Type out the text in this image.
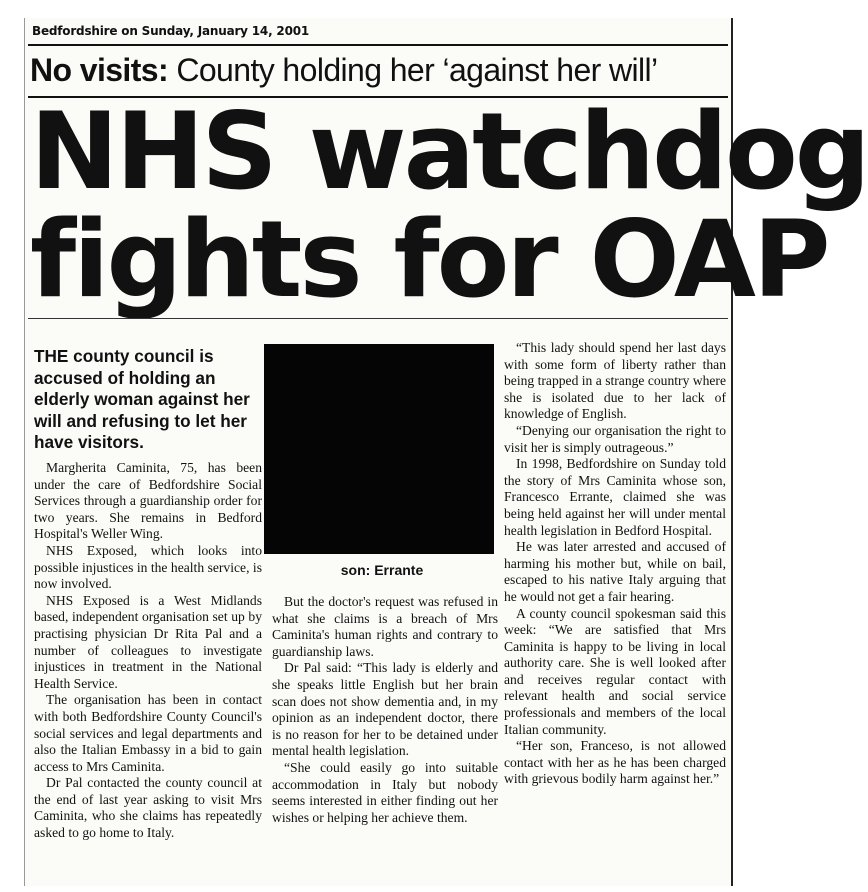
Bedfordshire on Sunday, January 14, 2001
No visits: County holding her ‘against her will’
NHS watchdog
fights for OAP
THE county council is accused of holding an elderly woman against her will and refusing to let her have visitors.

Margherita Caminita, 75, has been under the care of Bedfordshire Social Services through a guardianship order for two years. She remains in Bedford Hospital's Weller Wing.

NHS Exposed, which looks into possible injustices in the health service, is now involved.

NHS Exposed is a West Midlands based, independent organisation set up by practising physician Dr Rita Pal and a number of colleagues to investigate injustices in treatment in the National Health Service.

The organisation has been in contact with both Bedfordshire County Council's social services and legal departments and also the Italian Embassy in a bid to gain access to Mrs Caminita.

Dr Pal contacted the county council at the end of last year asking to visit Mrs Caminita, who she claims has repeatedly asked to go home to Italy.

son: Errante

But the doctor's request was refused in what she claims is a breach of Mrs Caminita's human rights and contrary to guardianship laws.

Dr Pal said: “This lady is elderly and she speaks little English but her brain scan does not show dementia and, in my opinion as an independent doctor, there is no reason for her to be detained under mental health legislation.

“She could easily go into suitable accommodation in Italy but nobody seems interested in either finding out her wishes or helping her achieve them.

“This lady should spend her last days with some form of liberty rather than being trapped in a strange country where she is isolated due to her lack of knowledge of English.

“Denying our organisation the right to visit her is simply outrageous.”

In 1998, Bedfordshire on Sunday told the story of Mrs Caminita whose son, Francesco Errante, claimed she was being held against her will under mental health legislation in Bedford Hospital.

He was later arrested and accused of harming his mother but, while on bail, escaped to his native Italy arguing that he would not get a fair hearing.

A county council spokesman said this week: “We are satisfied that Mrs Caminita is happy to be living in local authority care. She is well looked after and receives regular contact with relevant health and social service professionals and members of the local Italian community.

“Her son, Franceso, is not allowed contact with her as he has been charged with grievous bodily harm against her.”
